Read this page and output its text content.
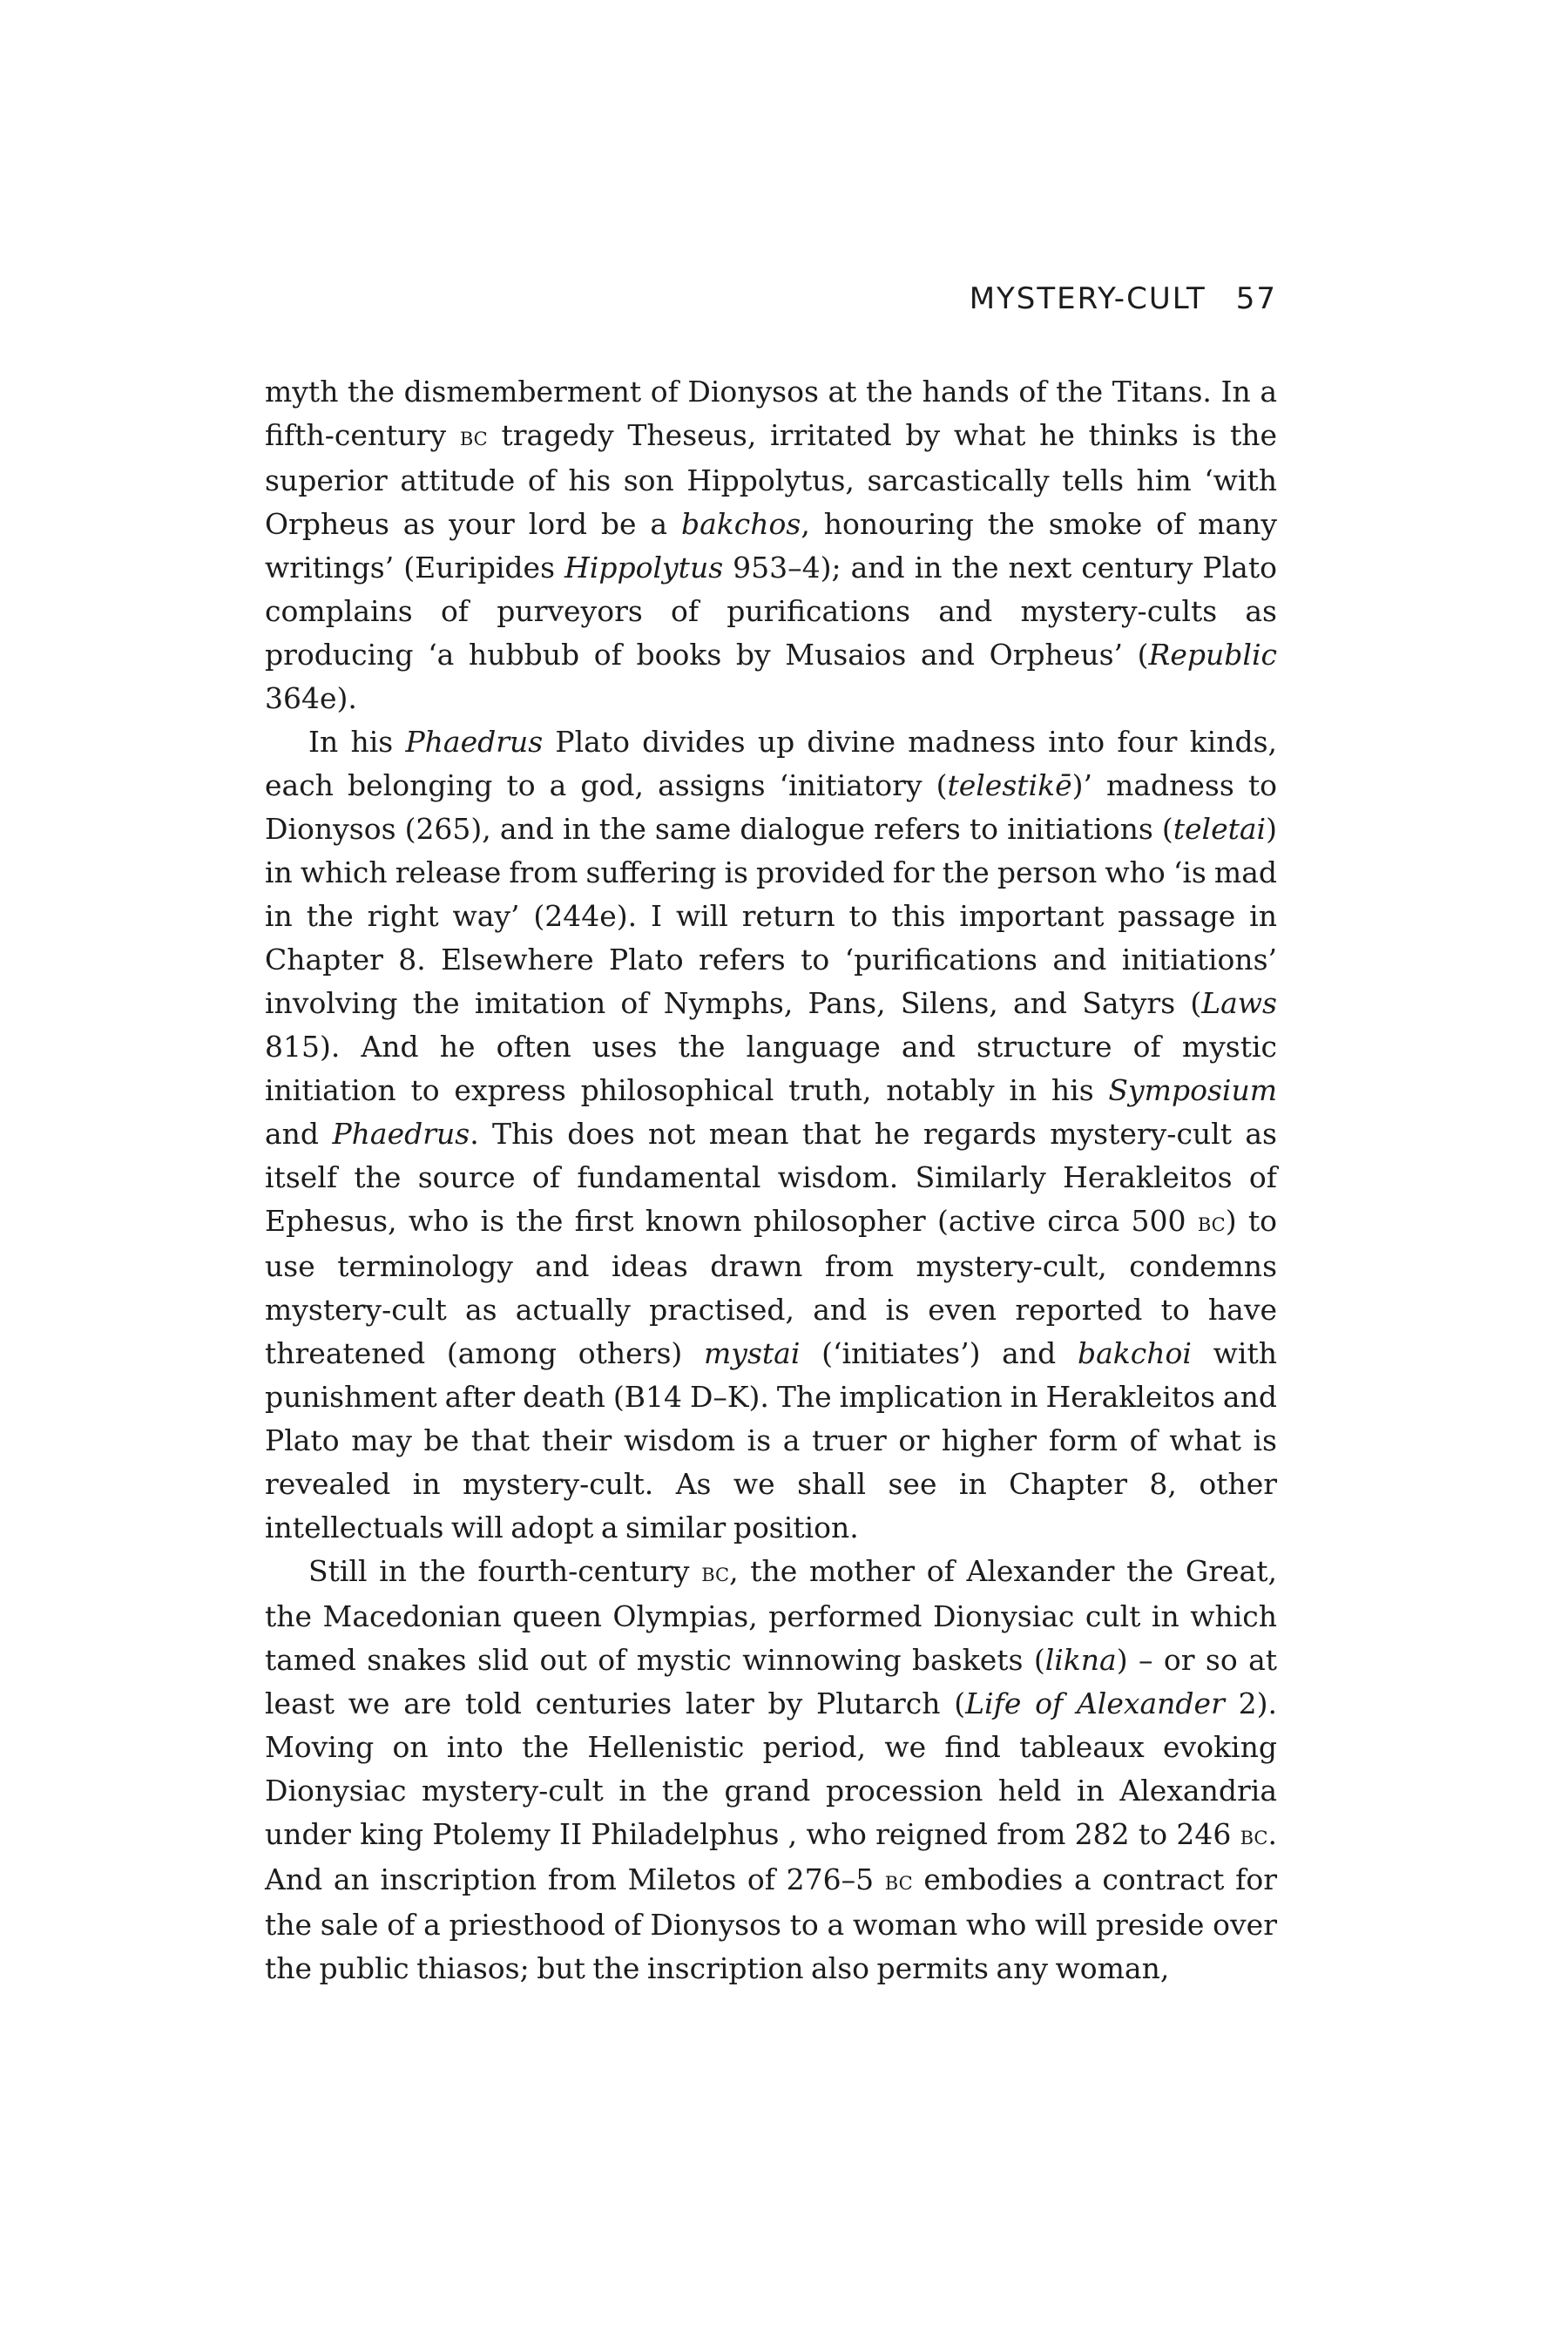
MYSTERY-CULT 57

myth the dismemberment of Dionysos at the hands of the Titans. In a fifth-century bc tragedy Theseus, irritated by what he thinks is the superior attitude of his son Hippolytus, sarcastically tells him ‘with Orpheus as your lord be a bakchos, honouring the smoke of many writings’ (Euripides Hippolytus 953–4); and in the next century Plato complains of purveyors of purifications and mystery-cults as producing ‘a hubbub of books by Musaios and Orpheus’ (Republic 364e).

In his Phaedrus Plato divides up divine madness into four kinds, each belonging to a god, assigns ‘initiatory (telestikē)’ madness to Dionysos (265), and in the same dialogue refers to initiations (teletai) in which release from suffering is provided for the person who ‘is mad in the right way’ (244e). I will return to this important passage in Chapter 8. Elsewhere Plato refers to ‘purifications and initiations’ involving the imitation of Nymphs, Pans, Silens, and Satyrs (Laws 815). And he often uses the language and structure of mystic initiation to express philosophical truth, notably in his Symposium and Phaedrus. This does not mean that he regards mystery-cult as itself the source of fundamental wisdom. Similarly Herakleitos of Ephesus, who is the first known philosopher (active circa 500 bc) to use terminology and ideas drawn from mystery-cult, condemns mystery-cult as actually practised, and is even reported to have threatened (among others) mystai (‘initiates’) and bakchoi with punishment after death (B14 D–K). The implication in Herakleitos and Plato may be that their wisdom is a truer or higher form of what is revealed in mystery-cult. As we shall see in Chapter 8, other intellectuals will adopt a similar position.

Still in the fourth-century bc, the mother of Alexander the Great, the Macedonian queen Olympias, performed Dionysiac cult in which tamed snakes slid out of mystic winnowing baskets (likna) – or so at least we are told centuries later by Plutarch (Life of Alexander 2). Moving on into the Hellenistic period, we find tableaux evoking Dionysiac mystery-cult in the grand procession held in Alexandria under king Ptolemy II Philadelphus , who reigned from 282 to 246 bc. And an inscription from Miletos of 276–5 bc embodies a contract for the sale of a priesthood of Dionysos to a woman who will preside over the public thiasos; but the inscription also permits any woman,
